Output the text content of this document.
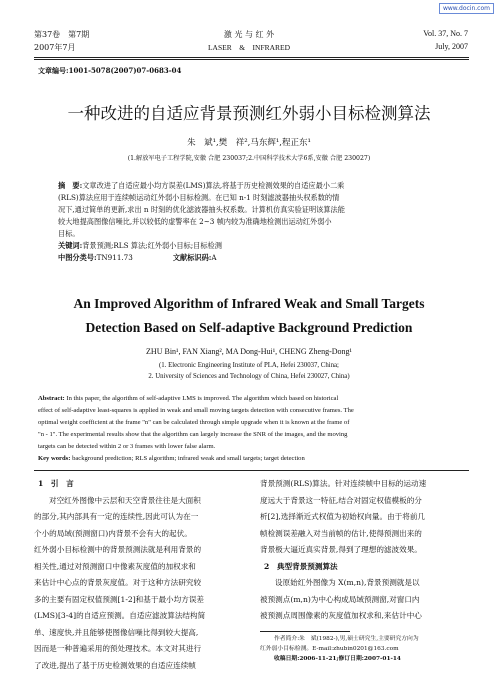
www.docin.com
第37卷　第7期
2007年7月
激 光 与 红 外
LASER　&　INFRARED
Vol. 37, No. 7
July, 2007
文章编号:1001-5078(2007)07-0683-04
一种改进的自适应背景预测红外弱小目标检测算法
朱　斌¹,樊　祥²,马东辉¹,程正东¹
(1.解放军电子工程学院,安徽 合肥 230037;2.中国科学技术大学6系,安徽 合肥 230027)
摘　要:文章改进了自适应最小均方误差(LMS)算法,将基于历史检测效果的自适应最小二乘
(RLS)算法应用于连续帧运动红外弱小目标检测。在已知 n-1 时刻滤波器抽头权系数的情
况下,通过简单的更新,求出 n 时刻的优化滤波器抽头权系数。计算机仿真实验证明该算法能
较大地提高图像信噪比,并以较低的虚警率在 2~3 帧内较为准确地检测出运动红外弱小
目标。
关键词:背景预测;RLS 算法;红外弱小目标;目标检测
中图分类号:TN911.73	文献标识码:A
An Improved Algorithm of Infrared Weak and Small Targets
Detection Based on Self-adaptive Background Prediction
ZHU Bin¹, FAN Xiang², MA Dong-Hui¹, CHENG Zheng-Dong¹
(1. Electronic Engineering Institute of PLA, Hefei 230037, China;
2. University of Sciences and Technology of China, Hefei 230027, China)
Abstract: In this paper, the algorithm of self-adaptive LMS is improved. The algorithm which based on historical
effect of self-adaptive least-squares is applied in weak and small moving targets detection with consecutive frames. The
optimal weight coefficient at the frame "n" can be calculated through simple upgrade when it is known at the frame of
"n - 1". The experimental results show that the algorithm can largely increase the SNR of the images, and the moving
targets can be detected within 2 or 3 frames with lower false alarm.
Key words: background prediction; RLS algorithm; infrared weak and small targets; target detection
1　引　言
对空红外图像中云层和天空背景往往是大面积
的部分,其内部具有一定的连续性,因此可认为在一
个小的局域(预测窗口)内背景不会有大的起伏。
红外弱小目标检测中的背景预测法就是利用背景的
相关性,通过对预测窗口中像素灰度值的加权求和
来估计中心点的背景灰度值。对于这种方法研究较
多的主要有固定权值预测[1-2]和基于最小均方误差
(LMS)[3-4]的自适应预测。自适应滤波算法结构简
单、速度快,并且能够使图像信噪比得到较大提高,
因而是一种普遍采用的预处理技术。本文对其进行
了改进,提出了基于历史检测效果的自适应连续帧
背景预测(RLS)算法。针对连续帧中目标的运动速
度远大于背景这一特征,结合对固定权值模板的分
析[2],选择渐近式权值为初始权向量。由于将前几
帧检测误差融入对当前帧的估计,使得预测出来的
背景极大逼近真实背景,得到了理想的滤波效果。
2　典型背景预测算法
设原始红外图像为 X(m,n),背景预测就是以
被预测点(m,n)为中心构成局域预测窗,对窗口内
被预测点周围像素的灰度值加权求和,来估计中心
作者简介:朱　斌(1982-),男,硕士研究生,主要研究方向为
红外弱小目标检测。E-mail:zhubin0201@163.com
收稿日期:2006-11-21;修订日期:2007-01-14
